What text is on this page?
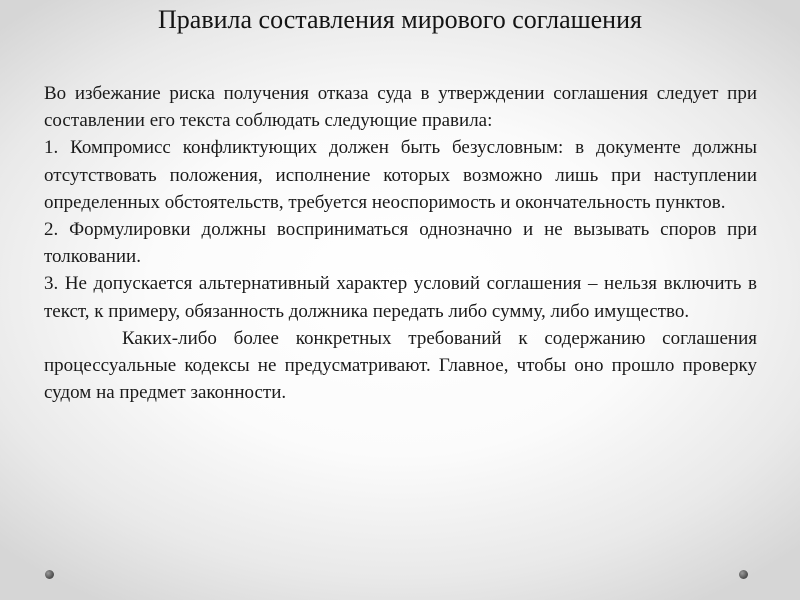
Правила составления мирового соглашения

Во избежание риска получения отказа суда в утверждении соглашения следует при составлении его текста соблюдать следующие правила:

1. Компромисс конфликтующих должен быть безусловным: в документе должны отсутствовать положения, исполнение которых возможно лишь при наступлении определенных обстоятельств, требуется неоспоримость и окончательность пунктов.

2. Формулировки должны восприниматься однозначно и не вызывать споров при толковании.

3. Не допускается альтернативный характер условий соглашения – нельзя включить в текст, к примеру, обязанность должника передать либо сумму, либо имущество.

Каких-либо более конкретных требований к содержанию соглашения процессуальные кодексы не предусматривают. Главное, чтобы оно прошло проверку судом на предмет законности.
